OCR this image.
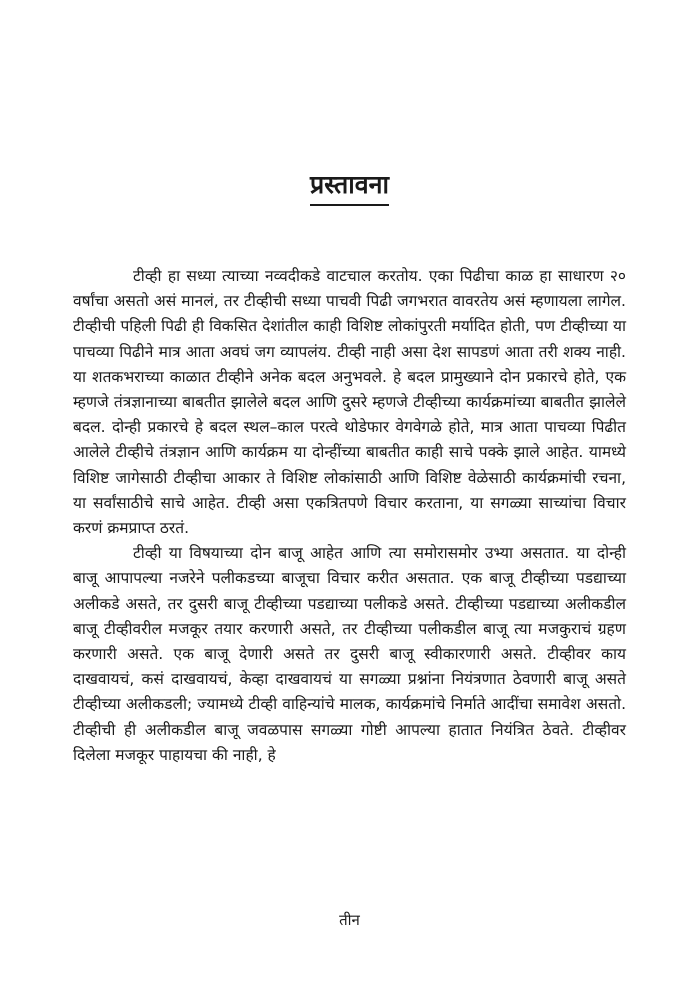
प्रस्तावना

टीव्ही हा सध्या त्याच्या नव्वदीकडे वाटचाल करतोय. एका पिढीचा काळ हा साधारण २० वर्षांचा असतो असं मानलं, तर टीव्हीची सध्या पाचवी पिढी जगभरात वावरतेय असं म्हणायला लागेल. टीव्हीची पहिली पिढी ही विकसित देशांतील काही विशिष्ट लोकांपुरती मर्यादित होती, पण टीव्हीच्या या पाचव्या पिढीने मात्र आता अवघं जग व्यापलंय. टीव्ही नाही असा देश सापडणं आता तरी शक्य नाही. या शतकभराच्या काळात टीव्हीने अनेक बदल अनुभवले. हे बदल प्रामुख्याने दोन प्रकारचे होते, एक म्हणजे तंत्रज्ञानाच्या बाबतीत झालेले बदल आणि दुसरे म्हणजे टीव्हीच्या कार्यक्रमांच्या बाबतीत झालेले बदल. दोन्ही प्रकारचे हे बदल स्थल–काल परत्वे थोडेफार वेगवेगळे होते, मात्र आता पाचव्या पिढीत आलेले टीव्हीचे तंत्रज्ञान आणि कार्यक्रम या दोन्हींच्या बाबतीत काही साचे पक्के झाले आहेत. यामध्ये विशिष्ट जागेसाठी टीव्हीचा आकार ते विशिष्ट लोकांसाठी आणि विशिष्ट वेळेसाठी कार्यक्रमांची रचना, या सर्वांसाठीचे साचे आहेत. टीव्ही असा एकत्रितपणे विचार करताना, या सगळ्या साच्यांचा विचार करणं क्रमप्राप्त ठरतं.

टीव्ही या विषयाच्या दोन बाजू आहेत आणि त्या समोरासमोर उभ्या असतात. या दोन्ही बाजू आपापल्या नजरेने पलीकडच्या बाजूचा विचार करीत असतात. एक बाजू टीव्हीच्या पडद्याच्या अलीकडे असते, तर दुसरी बाजू टीव्हीच्या पडद्याच्या पलीकडे असते. टीव्हीच्या पडद्याच्या अलीकडील बाजू टीव्हीवरील मजकूर तयार करणारी असते, तर टीव्हीच्या पलीकडील बाजू त्या मजकुराचं ग्रहण करणारी असते. एक बाजू देणारी असते तर दुसरी बाजू स्वीकारणारी असते. टीव्हीवर काय दाखवायचं, कसं दाखवायचं, केव्हा दाखवायचं या सगळ्या प्रश्नांना नियंत्रणात ठेवणारी बाजू असते टीव्हीच्या अलीकडली; ज्यामध्ये टीव्ही वाहिन्यांचे मालक, कार्यक्रमांचे निर्माते आदींचा समावेश असतो. टीव्हीची ही अलीकडील बाजू जवळपास सगळ्या गोष्टी आपल्या हातात नियंत्रित ठेवते. टीव्हीवर दिलेला मजकूर पाहायचा की नाही, हे

तीन
